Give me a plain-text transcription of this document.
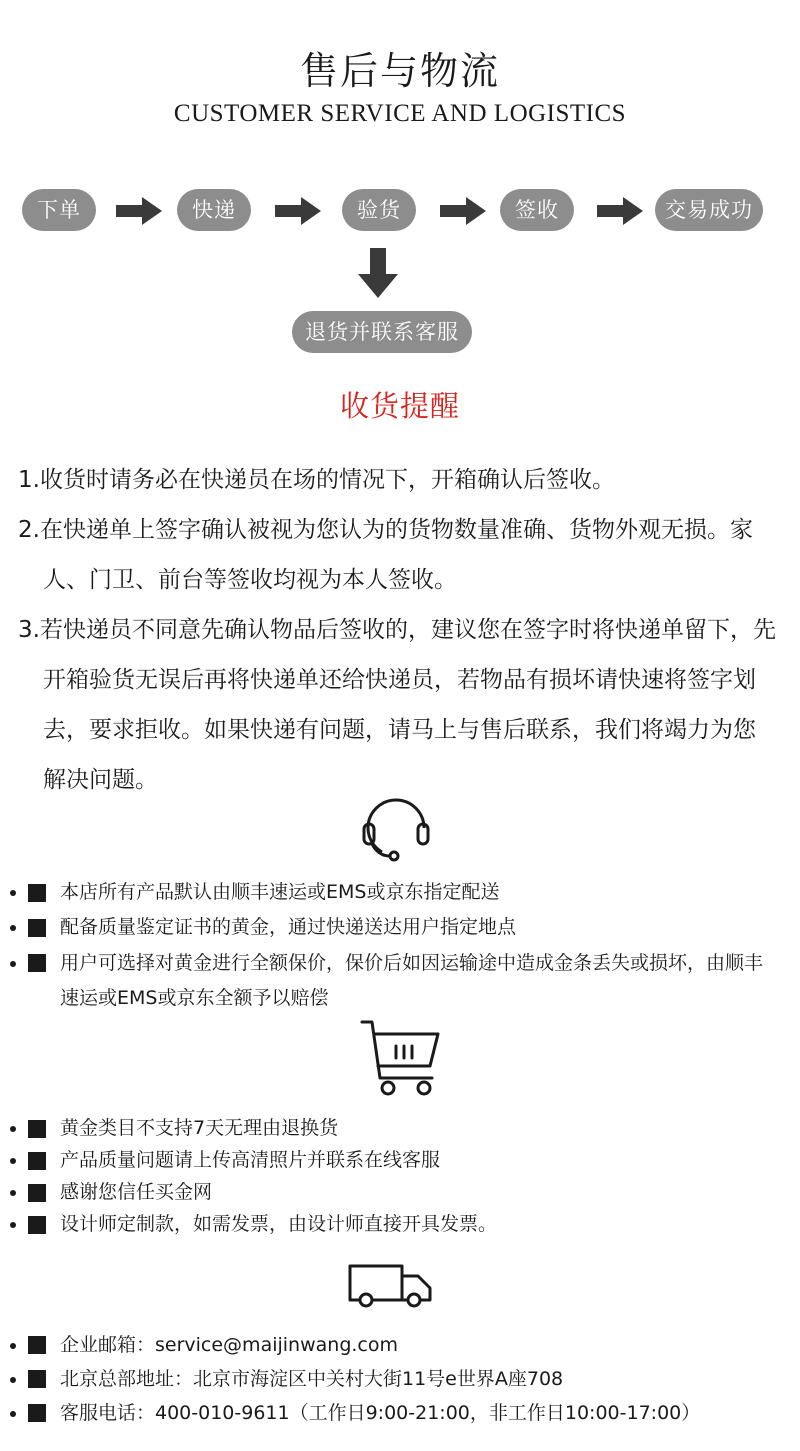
售后与物流
CUSTOMER SERVICE AND LOGISTICS
下单	快递	验货	签收	交易成功
退货并联系客服
收货提醒

1.收货时请务必在快递员在场的情况下，开箱确认后签收。

2.在快递单上签字确认被视为您认为的货物数量准确、货物外观无损。家人、门卫、前台等签收均视为本人签收。

3.若快递员不同意先确认物品后签收的，建议您在签字时将快递单留下，先开箱验货无误后再将快递单还给快递员，若物品有损坏请快速将签字划去，要求拒收。如果快递有问题，请马上与售后联系，我们将竭力为您解决问题。

• 本店所有产品默认由顺丰速运或EMS或京东指定配送
• 配备质量鉴定证书的黄金，通过快递送达用户指定地点
• 用户可选择对黄金进行全额保价，保价后如因运输途中造成金条丢失或损坏，由顺丰速运或EMS或京东全额予以赔偿
• 黄金类目不支持7天无理由退换货
• 产品质量问题请上传高清照片并联系在线客服
• 感谢您信任买金网
• 设计师定制款，如需发票，由设计师直接开具发票。
• 企业邮箱：service@maijinwang.com
• 北京总部地址：北京市海淀区中关村大街11号e世界A座708
• 客服电话：400-010-9611（工作日9:00-21:00，非工作日10:00-17:00）
